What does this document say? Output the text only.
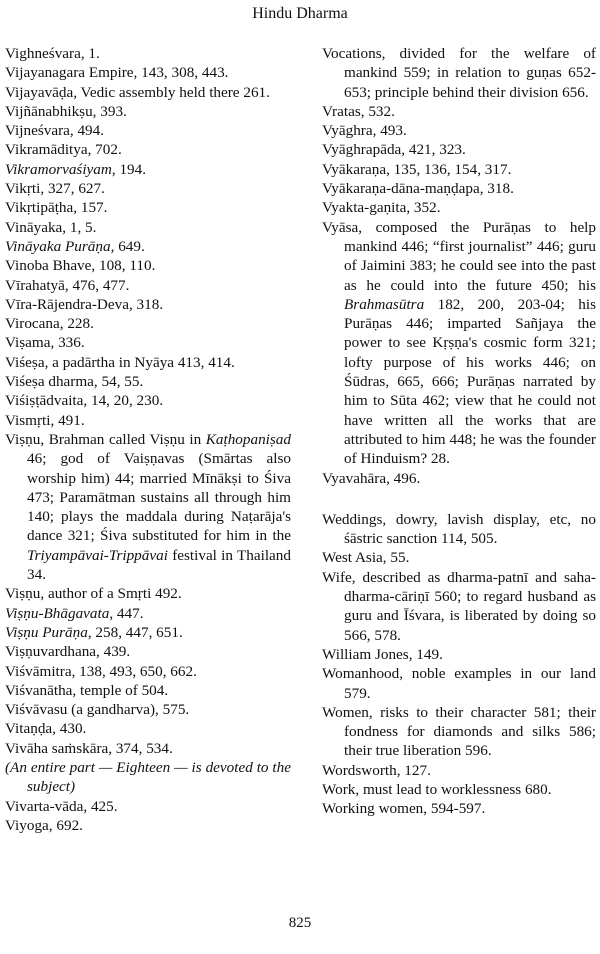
Hindu Dharma

Vighneśvara, 1.

Vijayanagara Empire, 143, 308, 443.

Vijayavāḍa, Vedic assembly held there 261.

Vijñānabhikṣu, 393.

Vijneśvara, 494.

Vikramāditya, 702.

Vikramorvaśiyam, 194.

Vikṛti, 327, 627.

Vikṛtipāṭha, 157.

Vināyaka, 1, 5.

Vināyaka Purāṇa, 649.

Vinoba Bhave, 108, 110.

Vīrahatyā, 476, 477.

Vīra-Rājendra-Deva, 318.

Virocana, 228.

Viṣama, 336.

Viśeṣa, a padārtha in Nyāya 413, 414.

Viśeṣa dharma, 54, 55.

Viśiṣṭādvaita, 14, 20, 230.

Vismṛti, 491.

Viṣṇu, Brahman called Viṣṇu in Kaṭhopaniṣad 46; god of Vaiṣṇavas (Smārtas also worship him) 44; married Mīnākṣi to Śiva 473; Paramātman sustains all through him 140; plays the maddala during Naṭarāja's dance 321; Śiva substituted for him in the Triyampāvai-Trippāvai festival in Thailand 34.

Viṣṇu, author of a Smṛti 492.

Viṣṇu-Bhāgavata, 447.

Viṣṇu Purāṇa, 258, 447, 651.

Viṣṇuvardhana, 439.

Viśvāmitra, 138, 493, 650, 662.

Viśvanātha, temple of 504.

Viśvāvasu (a gandharva), 575.

Vitaṇḍa, 430.

Vivāha saṁskāra, 374, 534.

(An entire part — Eighteen — is devoted to the subject)

Vivarta-vāda, 425.

Viyoga, 692.

Vocations, divided for the welfare of mankind 559; in relation to guṇas 652-653; principle behind their division 656.

Vratas, 532.

Vyāghra, 493.

Vyāghrapāda, 421, 323.

Vyākaraṇa, 135, 136, 154, 317.

Vyākaraṇa-dāna-maṇḍapa, 318.

Vyakta-gaṇita, 352.

Vyāsa, composed the Purāṇas to help mankind 446; “first journalist” 446; guru of Jaimini 383; he could see into the past as he could into the future 450; his Brahmasūtra 182, 200, 203-04; his Purāṇas 446; imparted Sañjaya the power to see Kṛṣṇa's cosmic form 321; lofty purpose of his works 446; on Śūdras, 665, 666; Purāṇas narrated by him to Sūta 462; view that he could not have written all the works that are attributed to him 448; he was the founder of Hinduism? 28.

Vyavahāra, 496.

Weddings, dowry, lavish display, etc, no śāstric sanction 114, 505.

West Asia, 55.

Wife, described as dharma-patnī and saha-dharma-cāriṇī 560; to regard husband as guru and Īśvara, is liberated by doing so 566, 578.

William Jones, 149.

Womanhood, noble examples in our land 579.

Women, risks to their character 581; their fondness for diamonds and silks 586; their true liberation 596.

Wordsworth, 127.

Work, must lead to worklessness 680.

Working women, 594-597.

825
